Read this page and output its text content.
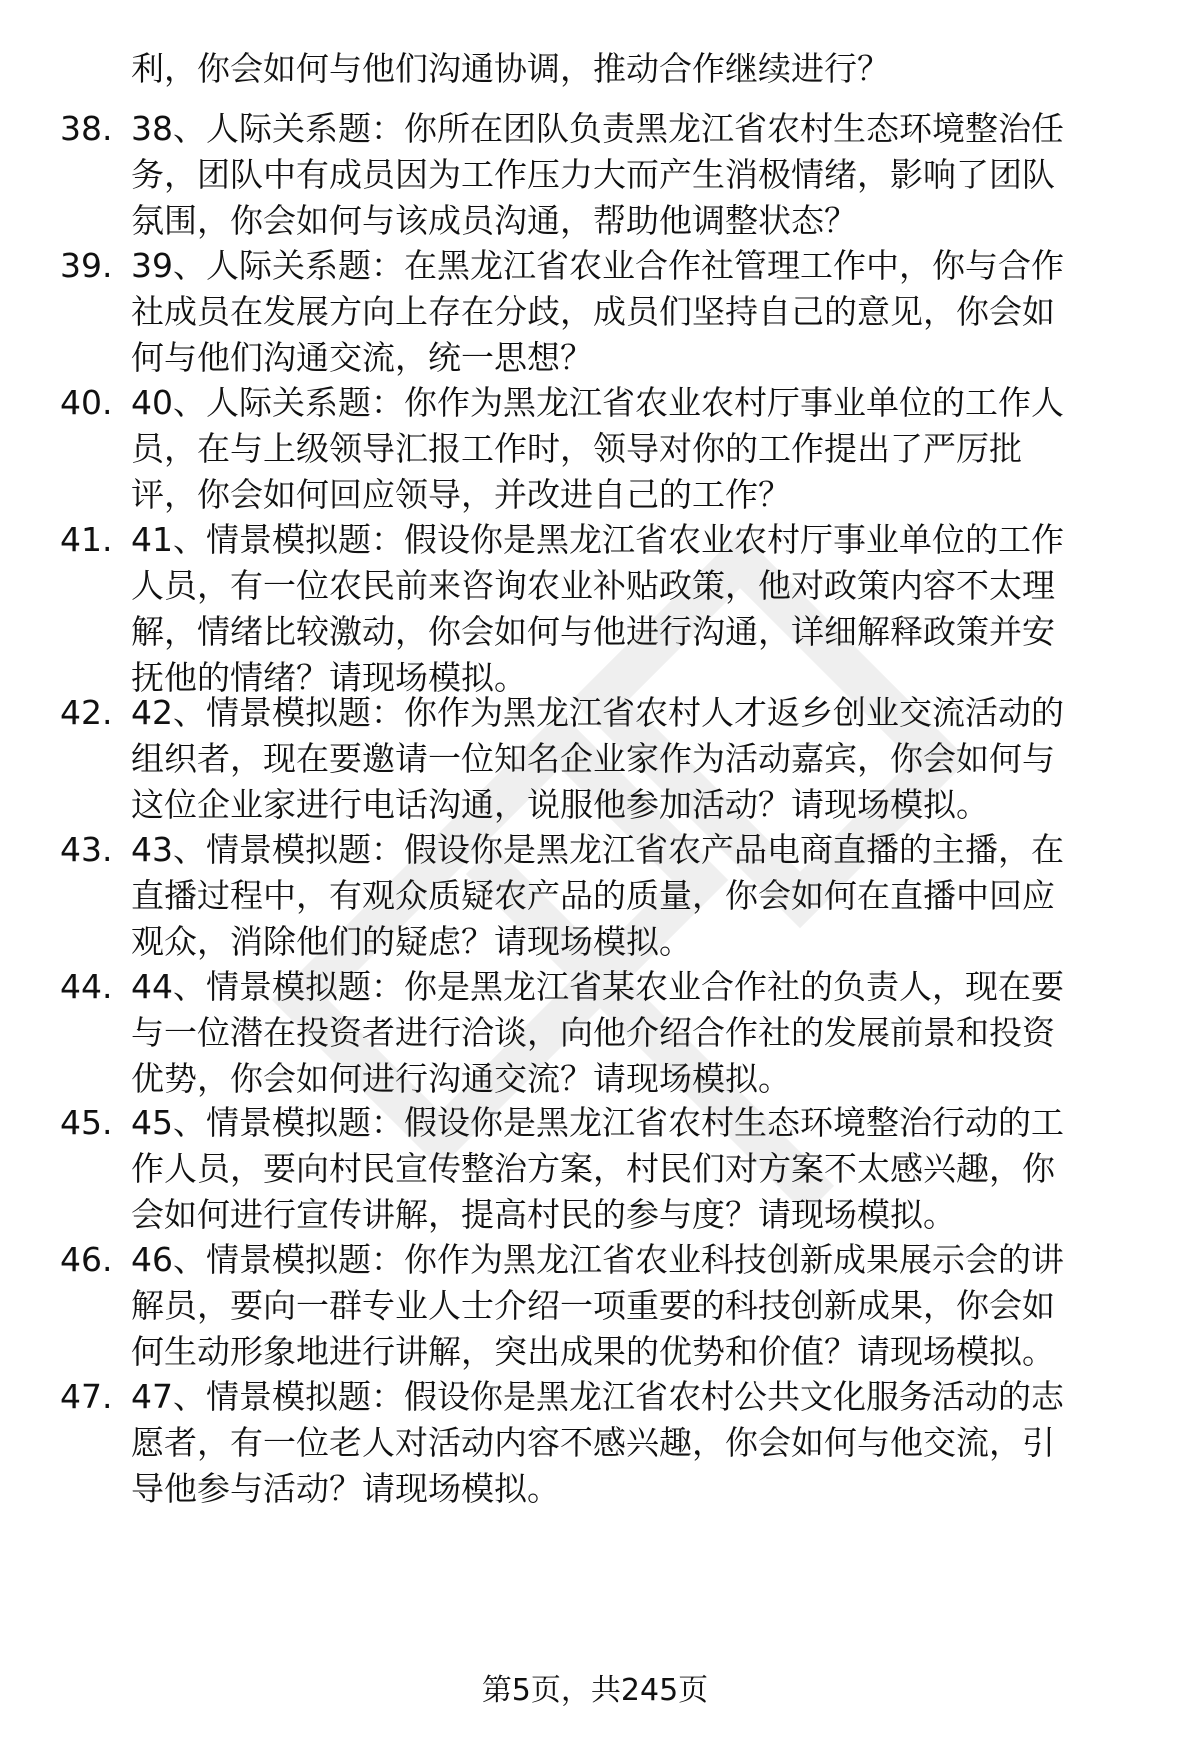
利，你会如何与他们沟通协调，推动合作继续进行？
38. 38、人际关系题：你所在团队负责黑龙江省农村生态环境整治任
务，团队中有成员因为工作压力大而产生消极情绪，影响了团队
氛围，你会如何与该成员沟通，帮助他调整状态？
39. 39、人际关系题：在黑龙江省农业合作社管理工作中，你与合作
社成员在发展方向上存在分歧，成员们坚持自己的意见，你会如
何与他们沟通交流，统一思想？
40. 40、人际关系题：你作为黑龙江省农业农村厅事业单位的工作人
员，在与上级领导汇报工作时，领导对你的工作提出了严厉批
评，你会如何回应领导，并改进自己的工作？
41. 41、情景模拟题：假设你是黑龙江省农业农村厅事业单位的工作
人员，有一位农民前来咨询农业补贴政策，他对政策内容不太理
解，情绪比较激动，你会如何与他进行沟通，详细解释政策并安
抚他的情绪？请现场模拟。
42. 42、情景模拟题：你作为黑龙江省农村人才返乡创业交流活动的
组织者，现在要邀请一位知名企业家作为活动嘉宾，你会如何与
这位企业家进行电话沟通，说服他参加活动？请现场模拟。
43. 43、情景模拟题：假设你是黑龙江省农产品电商直播的主播，在
直播过程中，有观众质疑农产品的质量，你会如何在直播中回应
观众，消除他们的疑虑？请现场模拟。
44. 44、情景模拟题：你是黑龙江省某农业合作社的负责人，现在要
与一位潜在投资者进行洽谈，向他介绍合作社的发展前景和投资
优势，你会如何进行沟通交流？请现场模拟。
45. 45、情景模拟题：假设你是黑龙江省农村生态环境整治行动的工
作人员，要向村民宣传整治方案，村民们对方案不太感兴趣，你
会如何进行宣传讲解，提高村民的参与度？请现场模拟。
46. 46、情景模拟题：你作为黑龙江省农业科技创新成果展示会的讲
解员，要向一群专业人士介绍一项重要的科技创新成果，你会如
何生动形象地进行讲解，突出成果的优势和价值？请现场模拟。
47. 47、情景模拟题：假设你是黑龙江省农村公共文化服务活动的志
愿者，有一位老人对活动内容不感兴趣，你会如何与他交流，引
导他参与活动？请现场模拟。
第5页，共245页
